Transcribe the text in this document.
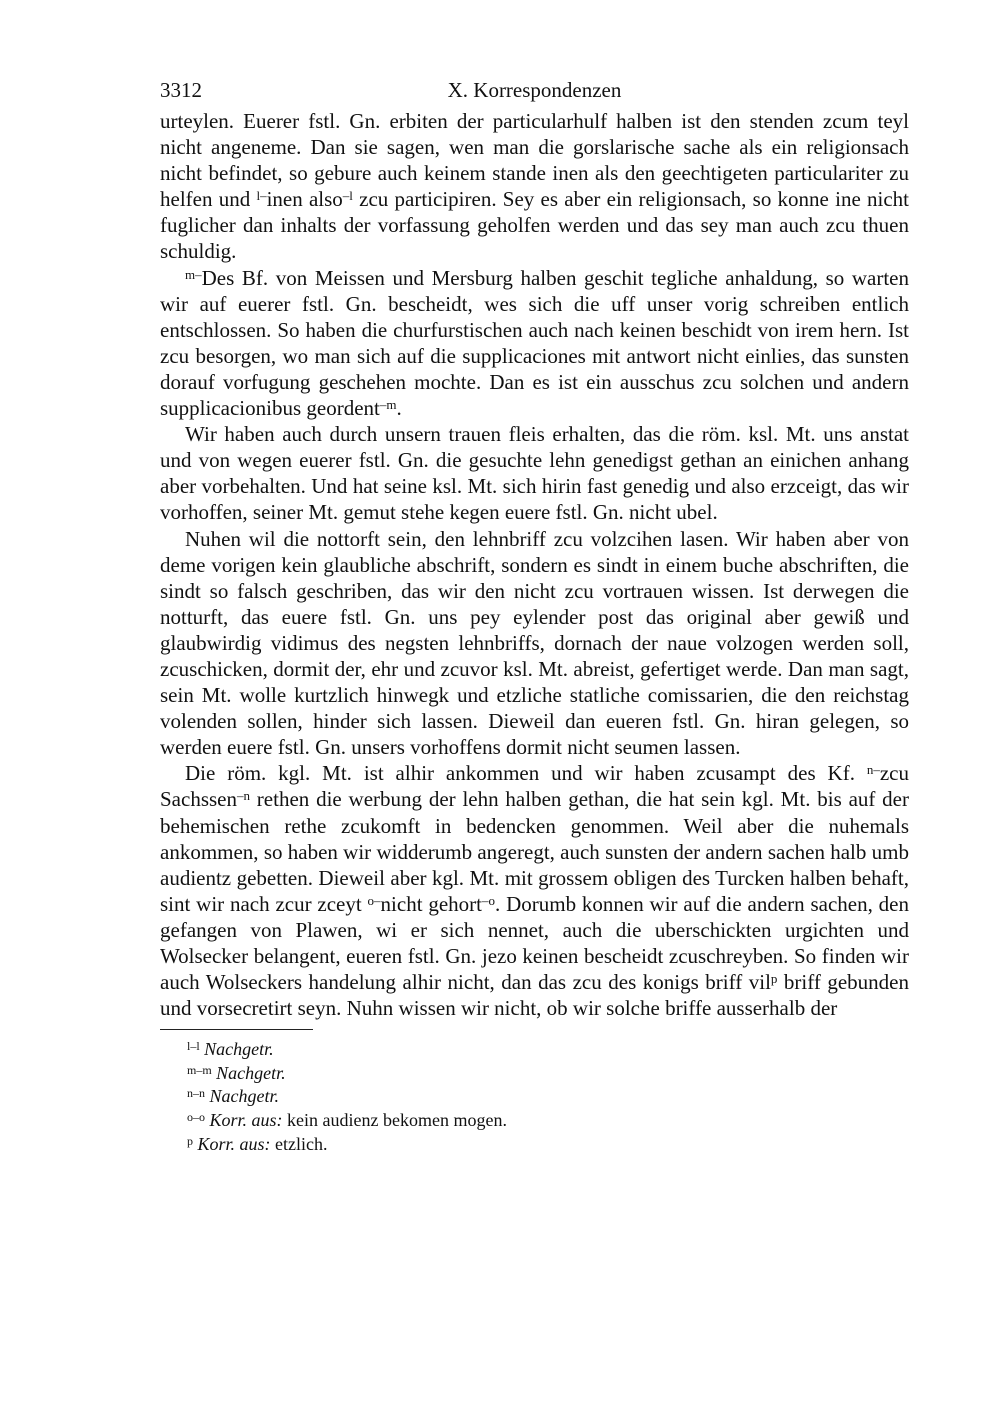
3312	X. Korrespondenzen

urteylen. Euerer fstl. Gn. erbiten der particularhulf halben ist den stenden zcum teyl nicht angeneme. Dan sie sagen, wen man die gorslarische sache als ein religionsach nicht befindet, so gebure auch keinem stande inen als den geechtigeten particulariter zu helfen und $^{l-}$inen also$^{-l}$ zcu participiren. Sey es aber ein religionsach, so konne ine nicht fuglicher dan inhalts der vorfassung geholfen werden und das sey man auch zcu thuen schuldig.

$^{m-}$Des Bf. von Meissen und Mersburg halben geschit tegliche anhaldung, so warten wir auf euerer fstl. Gn. bescheidt, wes sich die uff unser vorig schreiben entlich entschlossen. So haben die churfurstischen auch nach keinen beschidt von irem hern. Ist zcu besorgen, wo man sich auf die supplicaciones mit antwort nicht einlies, das sunsten dorauf vorfugung geschehen mochte. Dan es ist ein ausschus zcu solchen und andern supplicacionibus geordent$^{-m}$.

Wir haben auch durch unsern trauen fleis erhalten, das die röm. ksl. Mt. uns anstat und von wegen euerer fstl. Gn. die gesuchte lehn genedigst gethan an einichen anhang aber vorbehalten. Und hat seine ksl. Mt. sich hirin fast genedig und also erzceigt, das wir vorhoffen, seiner Mt. gemut stehe kegen euere fstl. Gn. nicht ubel.

Nuhen wil die nottorft sein, den lehnbriff zcu volzcihen lasen. Wir haben aber von deme vorigen kein glaubliche abschrift, sondern es sindt in einem buche abschriften, die sindt so falsch geschriben, das wir den nicht zcu vortrauen wissen. Ist derwegen die notturft, das euere fstl. Gn. uns pey eylender post das original aber gewiß und glaubwirdig vidimus des negsten lehnbriffs, dornach der naue volzogen werden soll, zcuschicken, dormit der, ehr und zcuvor ksl. Mt. abreist, gefertiget werde. Dan man sagt, sein Mt. wolle kurtzlich hinwegk und etzliche statliche comissarien, die den reichstag volenden sollen, hinder sich lassen. Dieweil dan eueren fstl. Gn. hiran gelegen, so werden euere fstl. Gn. unsers vorhoffens dormit nicht seumen lassen.

Die röm. kgl. Mt. ist alhir ankommen und wir haben zcusampt des Kf. $^{n-}$zcu Sachssen$^{-n}$ rethen die werbung der lehn halben gethan, die hat sein kgl. Mt. bis auf der behemischen rethe zcukomft in bedencken genommen. Weil aber die nuhemals ankommen, so haben wir widderumb angeregt, auch sunsten der andern sachen halb umb audientz gebetten. Dieweil aber kgl. Mt. mit grossem obligen des Turcken halben behaft, sint wir nach zcur zceyt $^{o-}$nicht gehort$^{-o}$. Dorumb konnen wir auf die andern sachen, den gefangen von Plawen, wi er sich nennet, auch die uberschickten urgichten und Wolsecker belangent, eueren fstl. Gn. jezo keinen bescheidt zcuschreyben. So finden wir auch Wolseckers handelung alhir nicht, dan das zcu des konigs briff vil$^p$ briff gebunden und vorsecretirt seyn. Nuhn wissen wir nicht, ob wir solche briffe ausserhalb der

$^{l-l}$ Nachgetr.
$^{m-m}$ Nachgetr.
$^{n-n}$ Nachgetr.
$^{o-o}$ Korr. aus: kein audienz bekomen mogen.
$^p$ Korr. aus: etzlich.
